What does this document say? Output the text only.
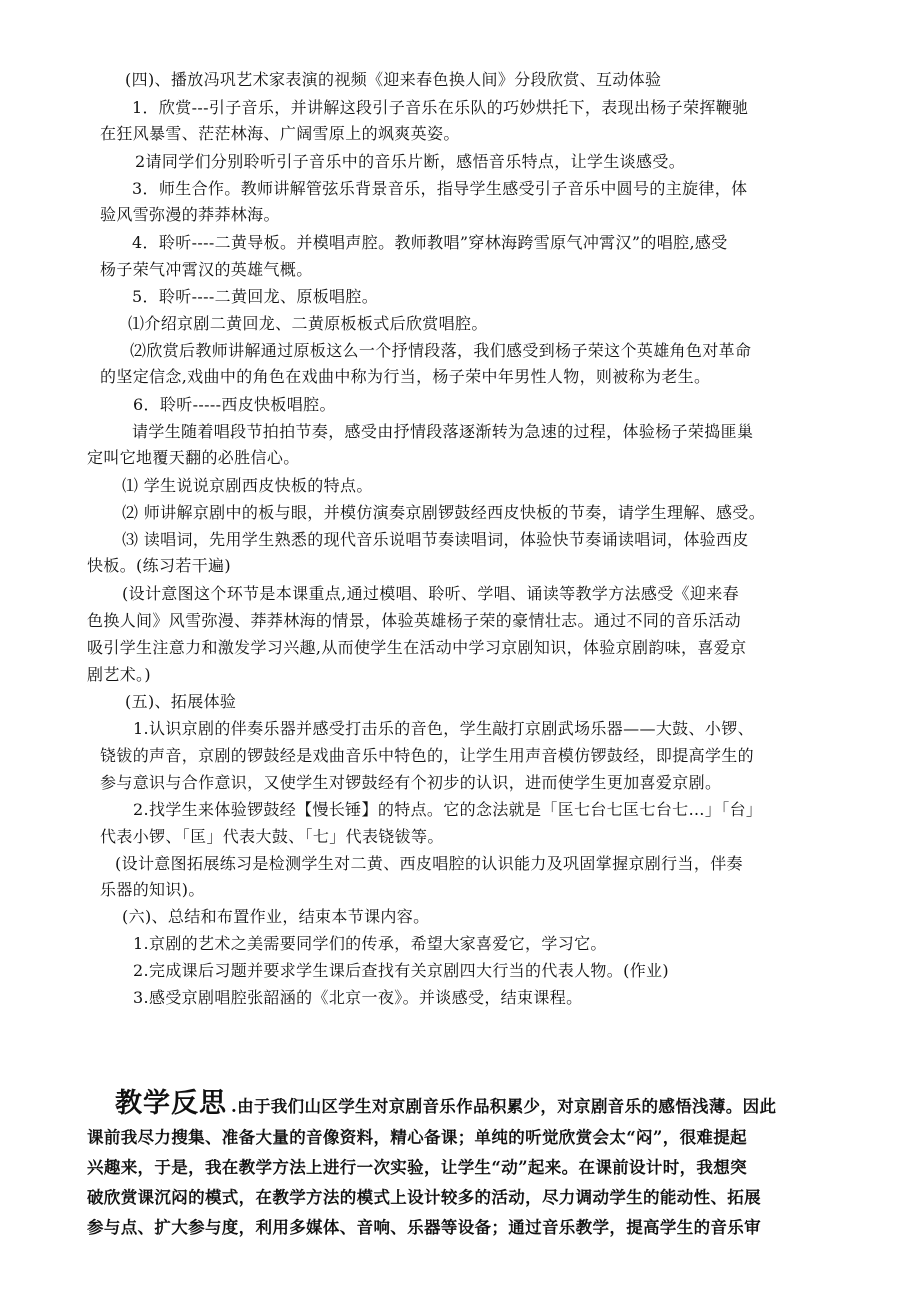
(四)、播放冯巩艺术家表演的视频《迎来春色换人间》分段欣赏、互动体验
1．欣赏---引子音乐，并讲解这段引子音乐在乐队的巧妙烘托下，表现出杨子荣挥鞭驰
在狂风暴雪、茫茫林海、广阔雪原上的飒爽英姿。
2请同学们分别聆听引子音乐中的音乐片断，感悟音乐特点，让学生谈感受。
3．师生合作。教师讲解管弦乐背景音乐，指导学生感受引子音乐中圆号的主旋律，体
验风雪弥漫的莽莽林海。
4．聆听----二黄导板。并模唱声腔。教师教唱”穿林海跨雪原气冲霄汉”的唱腔,感受
杨子荣气冲霄汉的英雄气概。
5．聆听----二黄回龙、原板唱腔。
⑴介绍京剧二黄回龙、二黄原板板式后欣赏唱腔。
⑵欣赏后教师讲解通过原板这么一个抒情段落，我们感受到杨子荣这个英雄角色对革命
的坚定信念,戏曲中的角色在戏曲中称为行当，杨子荣中年男性人物，则被称为老生。
6．聆听-----西皮快板唱腔。
请学生随着唱段节拍拍节奏，感受由抒情段落逐渐转为急速的过程，体验杨子荣捣匪巢
定叫它地覆天翻的必胜信心。
⑴ 学生说说京剧西皮快板的特点。
⑵ 师讲解京剧中的板与眼，并模仿演奏京剧锣鼓经西皮快板的节奏，请学生理解、感受。
⑶ 读唱词，先用学生熟悉的现代音乐说唱节奏读唱词，体验快节奏诵读唱词，体验西皮
快板。(练习若干遍)
(设计意图这个环节是本课重点,通过模唱、聆听、学唱、诵读等教学方法感受《迎来春
色换人间》风雪弥漫、莽莽林海的情景，体验英雄杨子荣的豪情壮志。通过不同的音乐活动
吸引学生注意力和激发学习兴趣,从而使学生在活动中学习京剧知识，体验京剧韵味，喜爱京
剧艺术。)
(五)、拓展体验
1.认识京剧的伴奏乐器并感受打击乐的音色，学生敲打京剧武场乐器——大鼓、小锣、
铙钹的声音，京剧的锣鼓经是戏曲音乐中特色的，让学生用声音模仿锣鼓经，即提高学生的
参与意识与合作意识，又使学生对锣鼓经有个初步的认识，进而使学生更加喜爱京剧。
2.找学生来体验锣鼓经【慢长锤】的特点。它的念法就是「匡七台七匡七台七…」「台」
代表小锣、「匡」代表大鼓、「七」代表铙钹等。
(设计意图拓展练习是检测学生对二黄、西皮唱腔的认识能力及巩固掌握京剧行当，伴奏
乐器的知识)。
(六)、总结和布置作业，结束本节课内容。
1.京剧的艺术之美需要同学们的传承，希望大家喜爱它，学习它。
2.完成课后习题并要求学生课后查找有关京剧四大行当的代表人物。(作业)
3.感受京剧唱腔张韶涵的《北京一夜》。并谈感受，结束课程。
教学反思 .由于我们山区学生对京剧音乐作品积累少，对京剧音乐的感悟浅薄。因此
课前我尽力搜集、准备大量的音像资料，精心备课；单纯的听觉欣赏会太“闷”，很难提起
兴趣来，于是，我在教学方法上进行一次实验，让学生“动”起来。在课前设计时，我想突
破欣赏课沉闷的模式，在教学方法的模式上设计较多的活动，尽力调动学生的能动性、拓展
参与点、扩大参与度，利用多媒体、音响、乐器等设备；通过音乐教学，提高学生的音乐审
